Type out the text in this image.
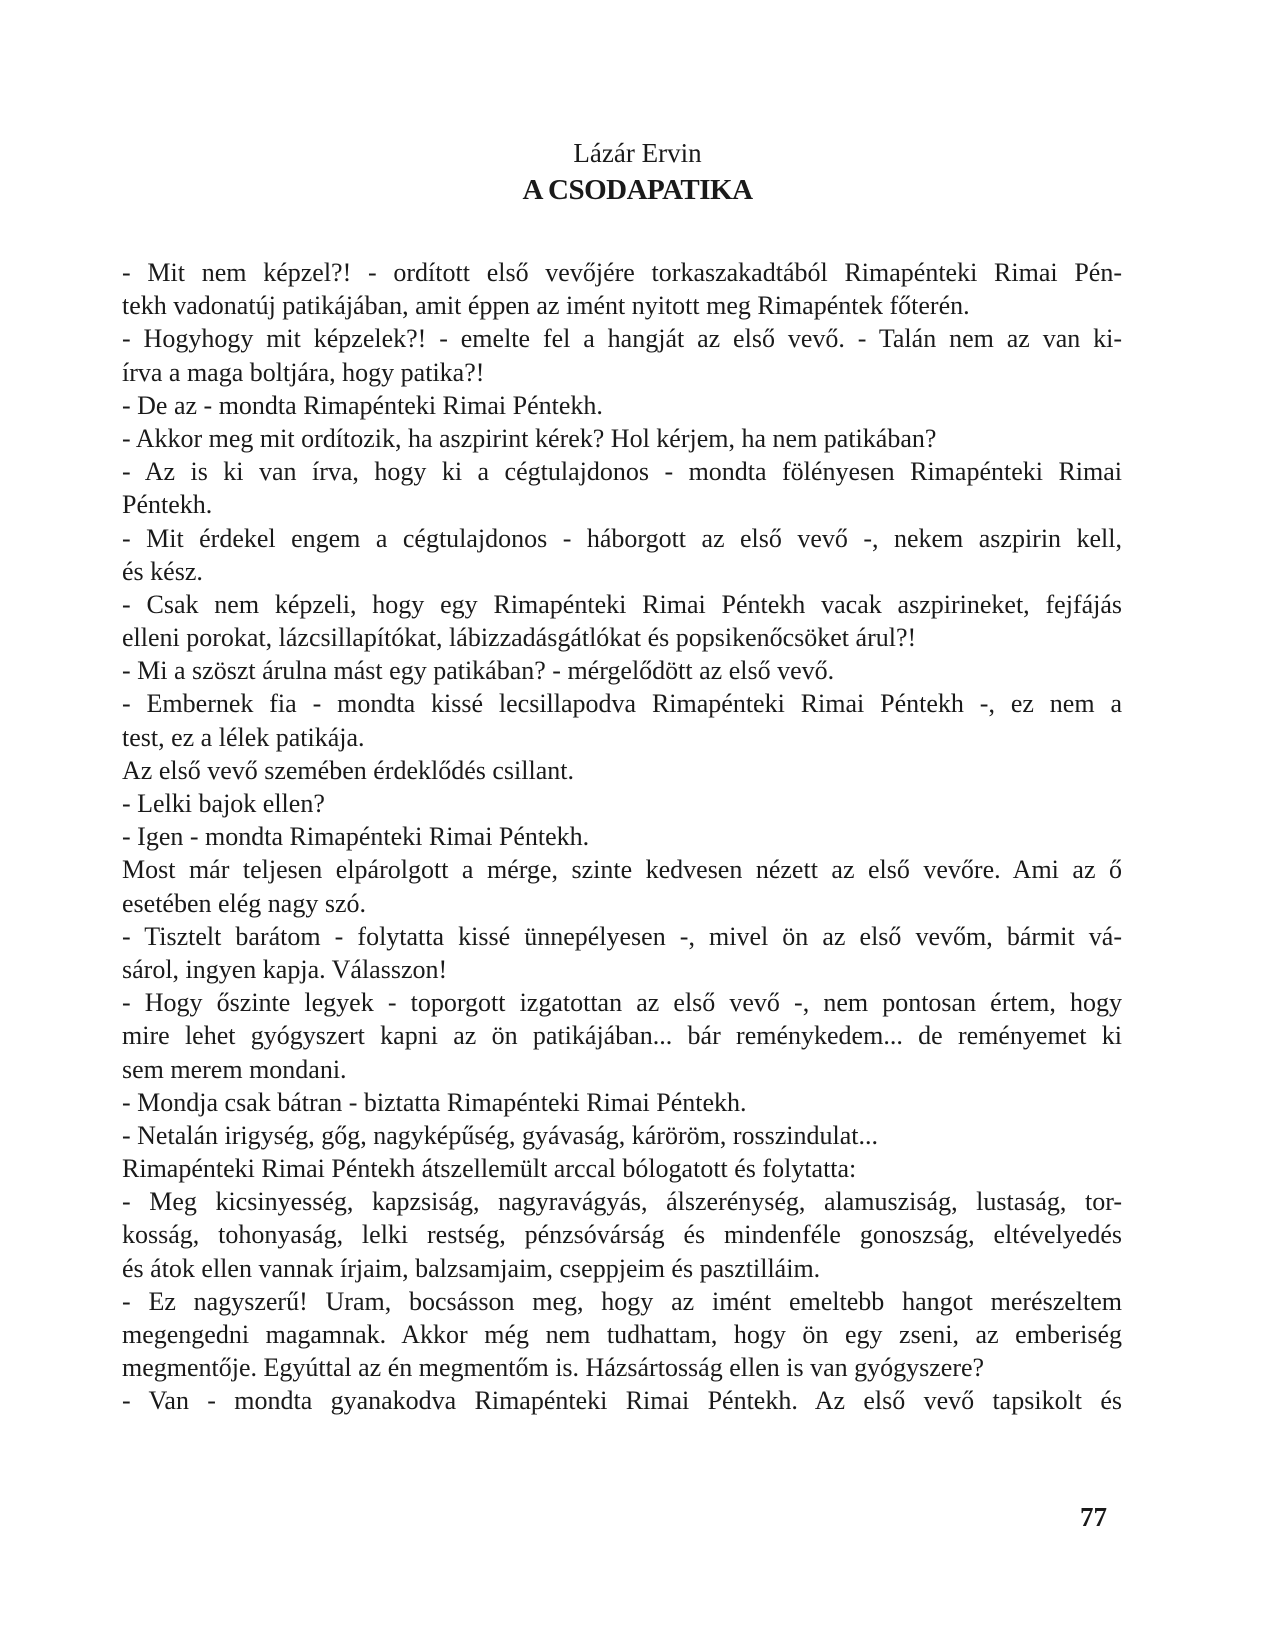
Lázár Ervin
A CSODAPATIKA
- Mit nem képzel?! - ordított első vevőjére torkaszakadtából Rimapénteki Rimai Pén-
tekh vadonatúj patikájában, amit éppen az imént nyitott meg Rimapéntek főterén.
- Hogyhogy mit képzelek?! - emelte fel a hangját az első vevő. - Talán nem az van ki-
írva a maga boltjára, hogy patika?!
- De az - mondta Rimapénteki Rimai Péntekh.
- Akkor meg mit ordítozik, ha aszpirint kérek? Hol kérjem, ha nem patikában?
- Az is ki van írva, hogy ki a cégtulajdonos - mondta fölényesen Rimapénteki Rimai
Péntekh.
- Mit érdekel engem a cégtulajdonos - háborgott az első vevő -, nekem aszpirin kell,
és kész.
- Csak nem képzeli, hogy egy Rimapénteki Rimai Péntekh vacak aszpirineket, fejfájás
elleni porokat, lázcsillapítókat, lábizzadásgátlókat és popsikenőcsöket árul?!
- Mi a szöszt árulna mást egy patikában? - mérgelődött az első vevő.
- Embernek fia - mondta kissé lecsillapodva Rimapénteki Rimai Péntekh -, ez nem a
test, ez a lélek patikája.
Az első vevő szemében érdeklődés csillant.
- Lelki bajok ellen?
- Igen - mondta Rimapénteki Rimai Péntekh.
Most már teljesen elpárolgott a mérge, szinte kedvesen nézett az első vevőre. Ami az ő
esetében elég nagy szó.
- Tisztelt barátom - folytatta kissé ünnepélyesen -, mivel ön az első vevőm, bármit vá-
sárol, ingyen kapja. Válasszon!
- Hogy őszinte legyek - toporgott izgatottan az első vevő -, nem pontosan értem, hogy
mire lehet gyógyszert kapni az ön patikájában... bár reménykedem... de reményemet ki
sem merem mondani.
- Mondja csak bátran - biztatta Rimapénteki Rimai Péntekh.
- Netalán irigység, gőg, nagyképűség, gyávaság, káröröm, rosszindulat...
Rimapénteki Rimai Péntekh átszellemült arccal bólogatott és folytatta:
- Meg kicsinyesség, kapzsiság, nagyravágyás, álszerénység, alamusziság, lustaság, tor-
kosság, tohonyaság, lelki restség, pénzsóvárság és mindenféle gonoszság, eltévelyedés
és átok ellen vannak írjaim, balzsamjaim, cseppjeim és pasztilláim.
- Ez nagyszerű! Uram, bocsásson meg, hogy az imént emeltebb hangot merészeltem
megengedni magamnak. Akkor még nem tudhattam, hogy ön egy zseni, az emberiség
megmentője. Egyúttal az én megmentőm is. Házsártosság ellen is van gyógyszere?
- Van - mondta gyanakodva Rimapénteki Rimai Péntekh. Az első vevő tapsikolt és
77
